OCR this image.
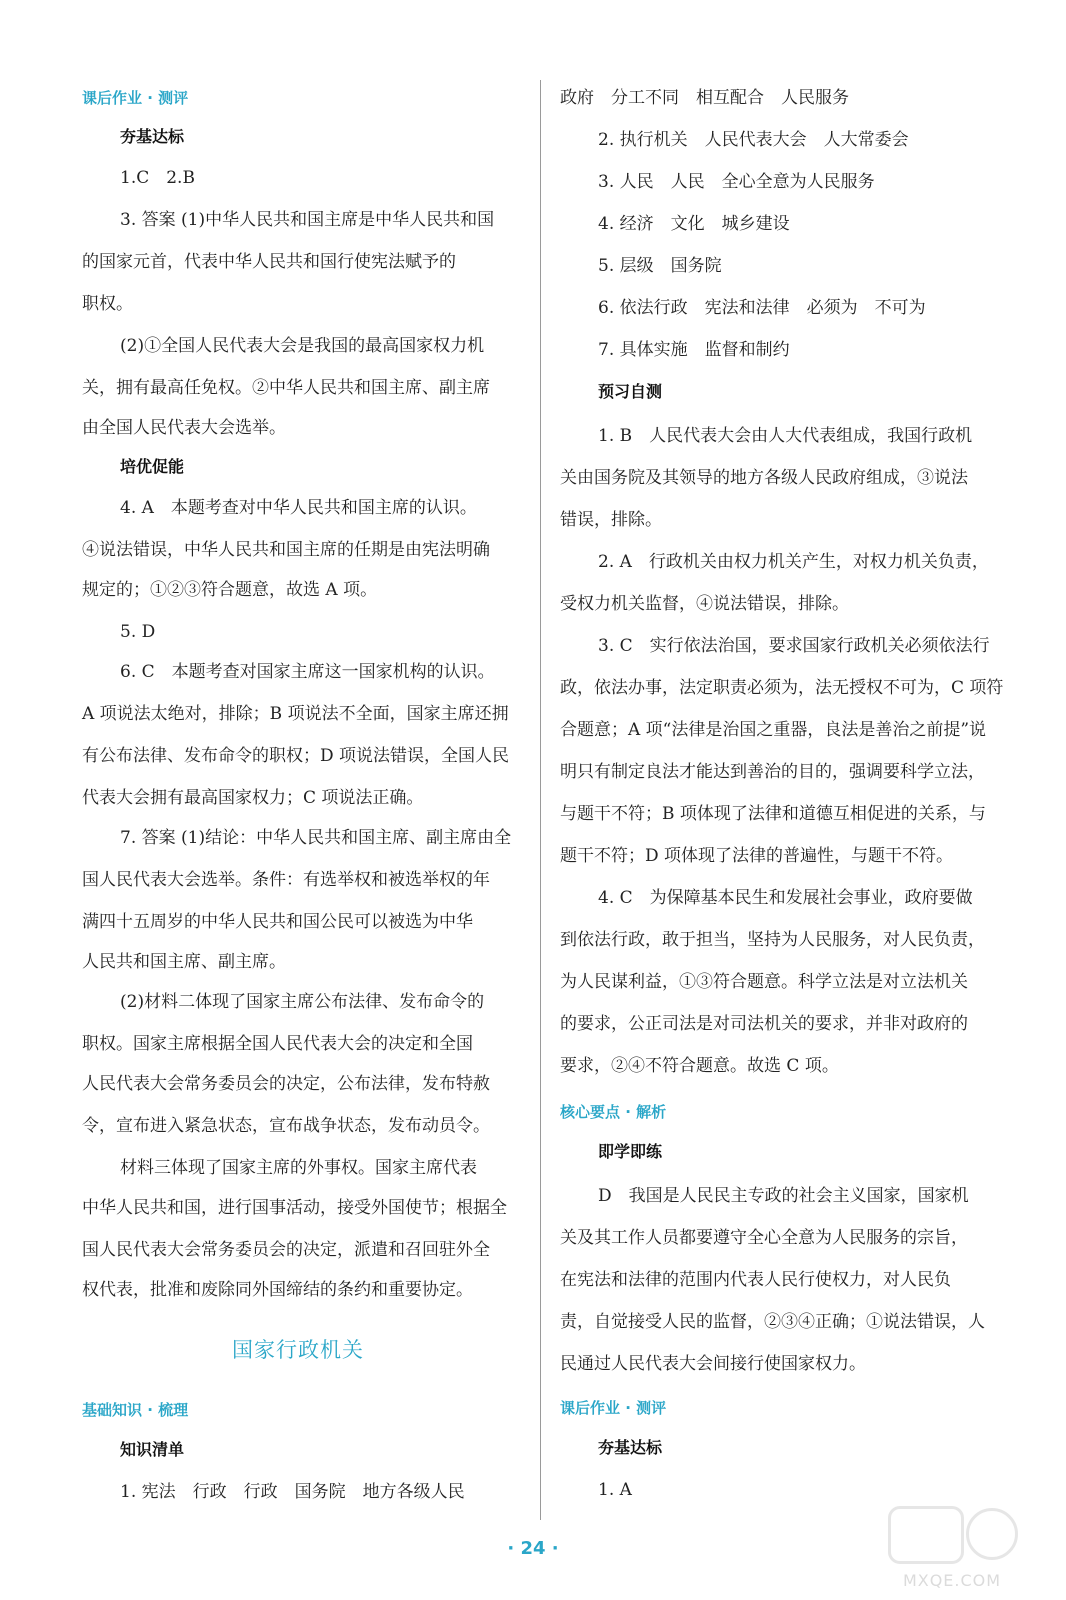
课后作业 · 测评
夯基达标
1.C　2.B
3. 答案 (1)中华人民共和国主席是中华人民共和国
的国家元首，代表中华人民共和国行使宪法赋予的
职权。
(2)①全国人民代表大会是我国的最高国家权力机
关，拥有最高任免权。②中华人民共和国主席、副主席
由全国人民代表大会选举。
培优促能
4. A　本题考查对中华人民共和国主席的认识。
④说法错误，中华人民共和国主席的任期是由宪法明确
规定的；①②③符合题意，故选 A 项。
5. D
6. C　本题考查对国家主席这一国家机构的认识。
A 项说法太绝对，排除；B 项说法不全面，国家主席还拥
有公布法律、发布命令的职权；D 项说法错误，全国人民
代表大会拥有最高国家权力；C 项说法正确。
7. 答案 (1)结论：中华人民共和国主席、副主席由全
国人民代表大会选举。条件：有选举权和被选举权的年
满四十五周岁的中华人民共和国公民可以被选为中华
人民共和国主席、副主席。
(2)材料二体现了国家主席公布法律、发布命令的
职权。国家主席根据全国人民代表大会的决定和全国
人民代表大会常务委员会的决定，公布法律，发布特赦
令，宣布进入紧急状态，宣布战争状态，发布动员令。
材料三体现了国家主席的外事权。国家主席代表
中华人民共和国，进行国事活动，接受外国使节；根据全
国人民代表大会常务委员会的决定，派遣和召回驻外全
权代表，批准和废除同外国缔结的条约和重要协定。
基础知识 · 梳理
知识清单
1. 宪法　行政　行政　国务院　地方各级人民
国家行政机关
政府　分工不同　相互配合　人民服务
2. 执行机关　人民代表大会　人大常委会
3. 人民　人民　全心全意为人民服务
4. 经济　文化　城乡建设
5. 层级　国务院
6. 依法行政　宪法和法律　必须为　不可为
7. 具体实施　监督和制约
预习自测
1. B　人民代表大会由人大代表组成，我国行政机
关由国务院及其领导的地方各级人民政府组成，③说法
错误，排除。
2. A　行政机关由权力机关产生，对权力机关负责，
受权力机关监督，④说法错误，排除。
3. C　实行依法治国，要求国家行政机关必须依法行
政，依法办事，法定职责必须为，法无授权不可为，C 项符
合题意；A 项“法律是治国之重器，良法是善治之前提”说
明只有制定良法才能达到善治的目的，强调要科学立法，
与题干不符；B 项体现了法律和道德互相促进的关系，与
题干不符；D 项体现了法律的普遍性，与题干不符。
4. C　为保障基本民生和发展社会事业，政府要做
到依法行政，敢于担当，坚持为人民服务，对人民负责，
为人民谋利益，①③符合题意。科学立法是对立法机关
的要求，公正司法是对司法机关的要求，并非对政府的
要求，②④不符合题意。故选 C 项。
核心要点 · 解析
即学即练
D　我国是人民民主专政的社会主义国家，国家机
关及其工作人员都要遵守全心全意为人民服务的宗旨，
在宪法和法律的范围内代表人民行使权力，对人民负
责，自觉接受人民的监督，②③④正确；①说法错误，人
民通过人民代表大会间接行使国家权力。
课后作业 · 测评
夯基达标
1. A
· 24 ·
MXQE.COM
